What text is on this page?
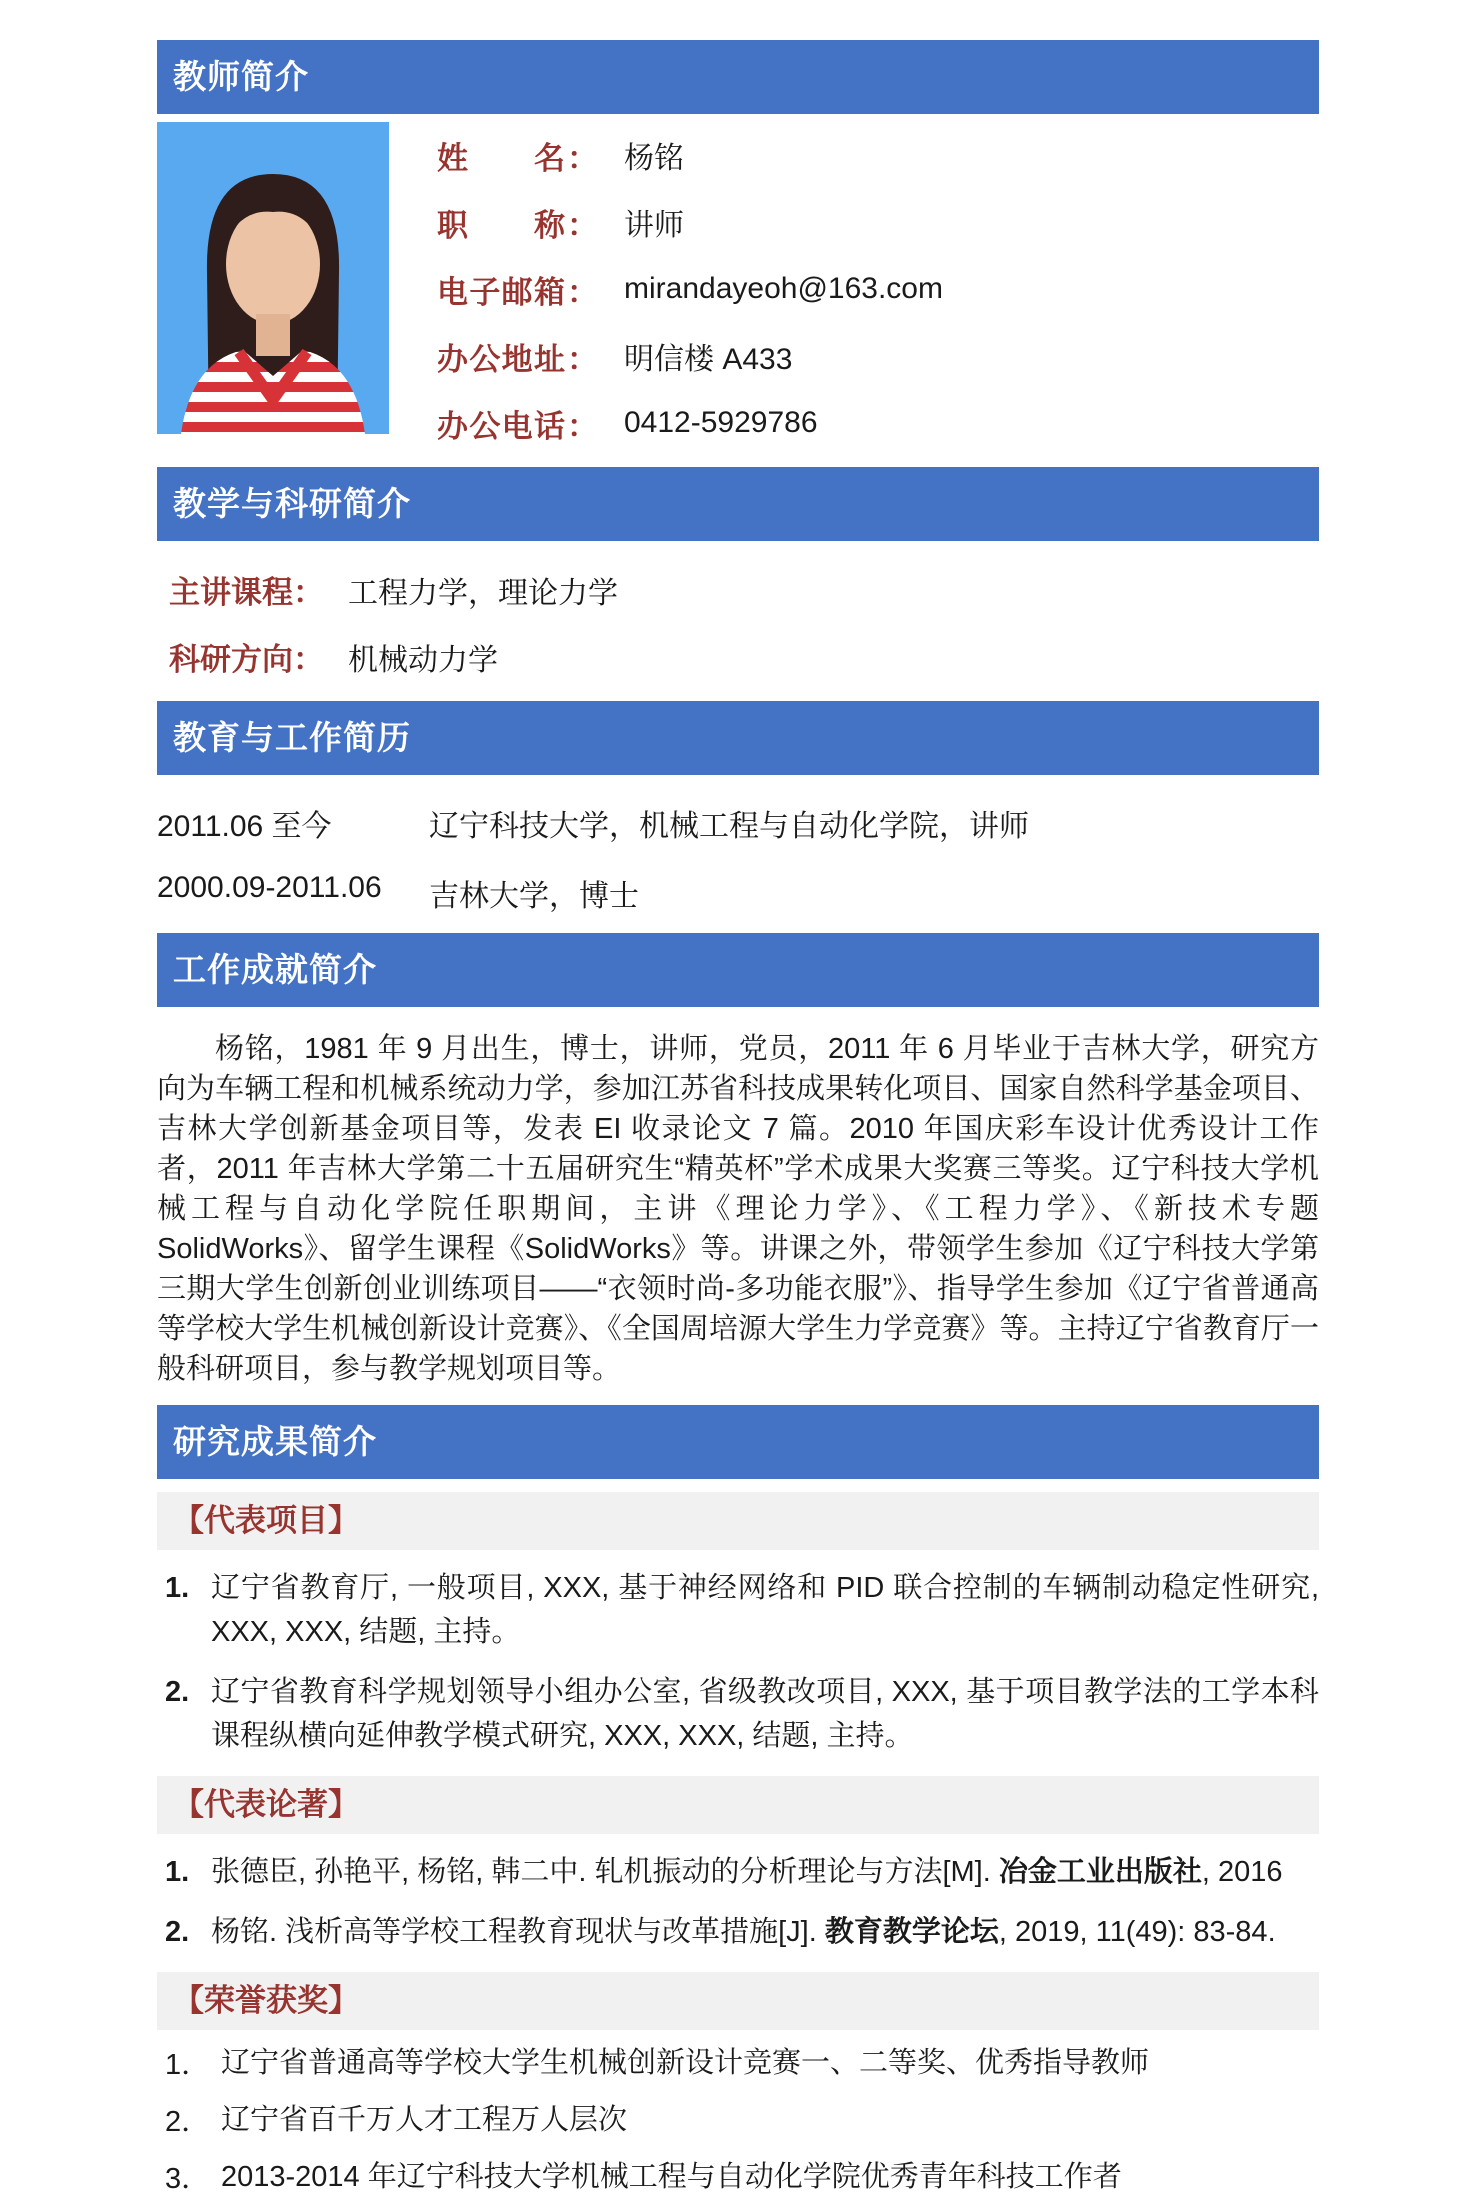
教师简介
姓名 ： 杨铭
职称 ： 讲师
电子邮箱 ： mirandayeoh@163.com
办公地址 ： 明信楼 A433
办公电话 ： 0412-5929786
教学与科研简介
主讲课程： 工程力学，理论力学
科研方向： 机械动力学
教育与工作简历
2011.06 至今	辽宁科技大学，机械工程与自动化学院，讲师
2000.09-2011.06	吉林大学，博士
工作成就简介

杨铭，1981 年 9 月出生，博士，讲师，党员，2011 年 6 月毕业于吉林大学，研究方向为车辆工程和机械系统动力学，参加江苏省科技成果转化项目、国家自然科学基金项目、吉林大学创新基金项目等，发表 EI 收录论文 7 篇。2010 年国庆彩车设计优秀设计工作者，2011 年吉林大学第二十五届研究生“精英杯”学术成果大奖赛三等奖。辽宁科技大学机械工程与自动化学院任职期间，主讲《理论力学》、《工程力学》、《新技术专题 SolidWorks》、留学生课程《SolidWorks》等。讲课之外，带领学生参加《辽宁科技大学第三期大学生创新创业训练项目——“衣领时尚-多功能衣服”》、指导学生参加《辽宁省普通高等学校大学生机械创新设计竞赛》、《全国周培源大学生力学竞赛》等。主持辽宁省教育厅一般科研项目，参与教学规划项目等。

研究成果简介
【代表项目】
1. 辽宁省教育厅, 一般项目, XXX, 基于神经网络和 PID 联合控制的车辆制动稳定性研究, XXX, XXX, 结题, 主持。
2. 辽宁省教育科学规划领导小组办公室, 省级教改项目, XXX, 基于项目教学法的工学本科课程纵横向延伸教学模式研究, XXX, XXX, 结题, 主持。
【代表论著】
1. 张德臣, 孙艳平, 杨铭, 韩二中. 轧机振动的分析理论与方法[M]. 冶金工业出版社, 2016
2. 杨铭. 浅析高等学校工程教育现状与改革措施[J]. 教育教学论坛, 2019, 11(49): 83-84.
【荣誉获奖】
1． 辽宁省普通高等学校大学生机械创新设计竞赛一、二等奖、优秀指导教师
2． 辽宁省百千万人才工程万人层次
3． 2013-2014 年辽宁科技大学机械工程与自动化学院优秀青年科技工作者
